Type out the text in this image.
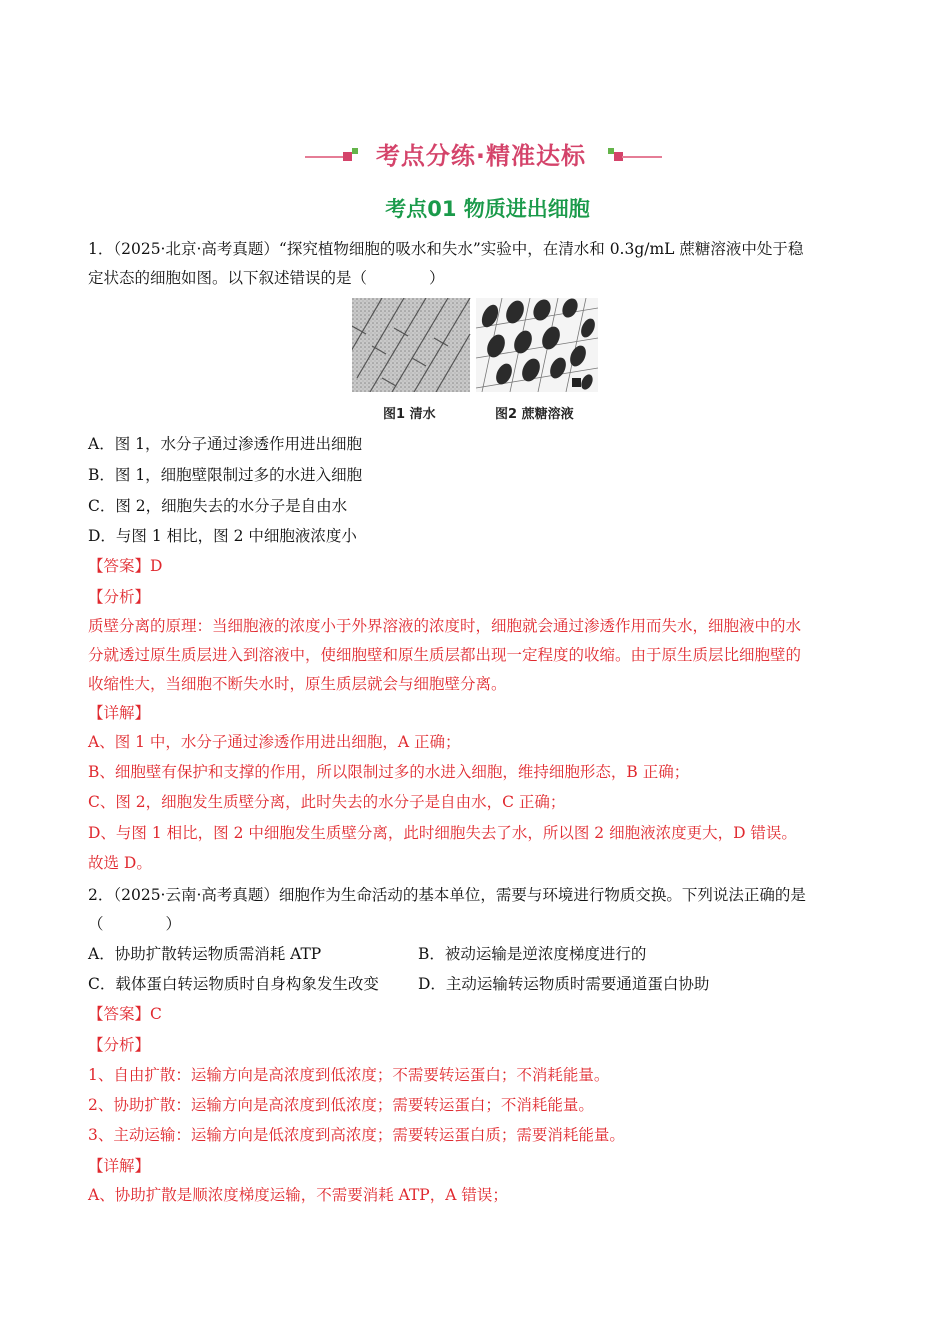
考点分练·精准达标
考点01 物质进出细胞
1．（2025·北京·高考真题）“探究植物细胞的吸水和失水”实验中，在清水和 0.3g/mL 蔗糖溶液中处于稳
定状态的细胞如图。以下叙述错误的是（　　　　）
图1 清水	图2 蔗糖溶液
A．图 1，水分子通过渗透作用进出细胞
B．图 1，细胞壁限制过多的水进入细胞
C．图 2，细胞失去的水分子是自由水
D．与图 1 相比，图 2 中细胞液浓度小
【答案】D
【分析】
质壁分离的原理：当细胞液的浓度小于外界溶液的浓度时，细胞就会通过渗透作用而失水，细胞液中的水
分就透过原生质层进入到溶液中，使细胞壁和原生质层都出现一定程度的收缩。由于原生质层比细胞壁的
收缩性大，当细胞不断失水时，原生质层就会与细胞壁分离。
【详解】
A、图 1 中，水分子通过渗透作用进出细胞，A 正确；
B、细胞壁有保护和支撑的作用，所以限制过多的水进入细胞，维持细胞形态，B 正确；
C、图 2，细胞发生质壁分离，此时失去的水分子是自由水，C 正确；
D、与图 1 相比，图 2 中细胞发生质壁分离，此时细胞失去了水，所以图 2 细胞液浓度更大，D 错误。
故选 D。
2．（2025·云南·高考真题）细胞作为生命活动的基本单位，需要与环境进行物质交换。下列说法正确的是
（　　　　）
A．协助扩散转运物质需消耗 ATP	B．被动运输是逆浓度梯度进行的
C．载体蛋白转运物质时自身构象发生改变	D．主动运输转运物质时需要通道蛋白协助
【答案】C
【分析】
1、自由扩散：运输方向是高浓度到低浓度；不需要转运蛋白；不消耗能量。
2、协助扩散：运输方向是高浓度到低浓度；需要转运蛋白；不消耗能量。
3、主动运输：运输方向是低浓度到高浓度；需要转运蛋白质；需要消耗能量。
【详解】
A、协助扩散是顺浓度梯度运输，不需要消耗 ATP，A 错误；
